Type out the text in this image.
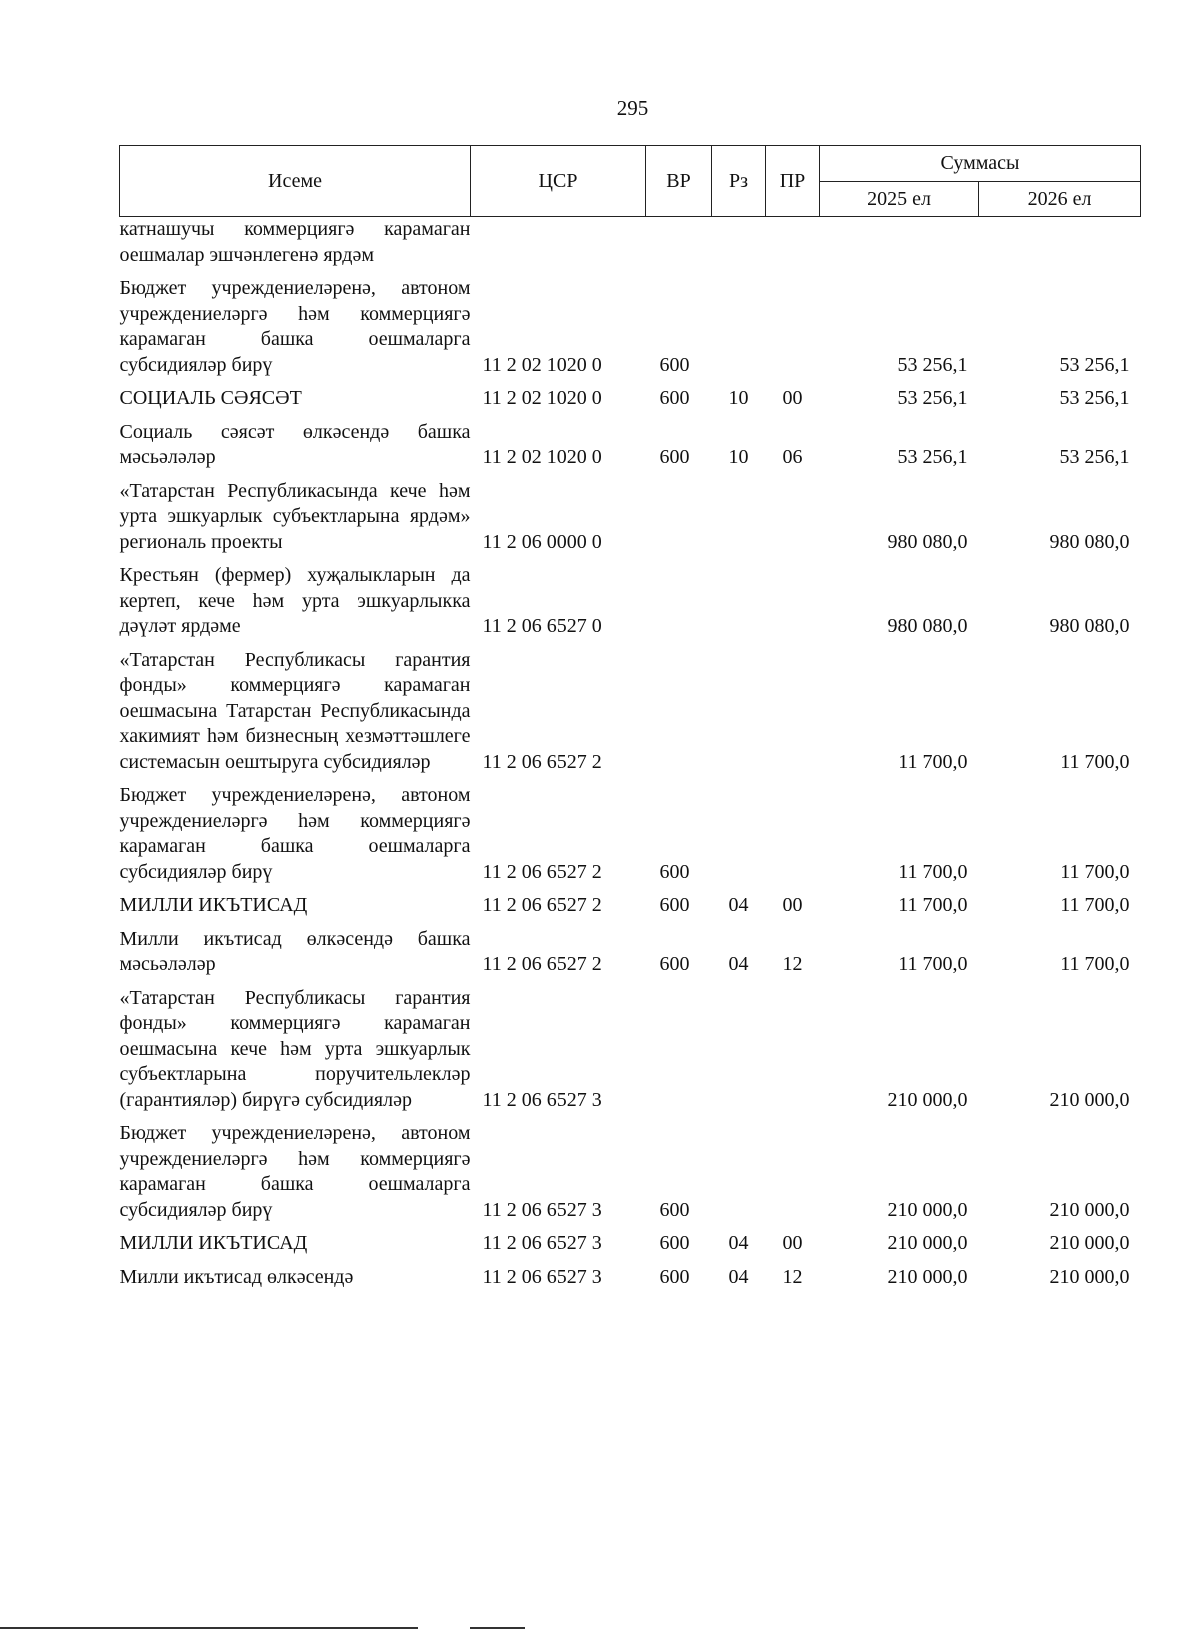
295
Исеме	ЦСР	ВР	Рз	ПР	Суммасы	
					2025 ел	2026 ел
катнашучы коммерциягә карамаган оешмалар эшчәнлегенә ярдәм						
Бюджет учреждениеләренә, автоном учреждениеләргә һәм коммерциягә карамаган башка оешмаларга субсидияләр бирү	11 2 02 1020 0	600			53 256,1	53 256,1
СОЦИАЛЬ СӘЯСӘТ	11 2 02 1020 0	600	10	00	53 256,1	53 256,1
Социаль сәясәт өлкәсендә башка мәсьәләләр	11 2 02 1020 0	600	10	06	53 256,1	53 256,1
«Татарстан Республикасында кече һәм урта эшкуарлык субъектларына ярдәм» региональ проекты	11 2 06 0000 0				980 080,0	980 080,0
Крестьян (фермер) хуҗалыкларын да кертеп, кече һәм урта эшкуарлыкка дәүләт ярдәме	11 2 06 6527 0				980 080,0	980 080,0
«Татарстан Республикасы гарантия фонды» коммерциягә карамаган оешмасына Татарстан Республикасында хакимият һәм бизнесның хезмәттәшлеге системасын оештыруга субсидияләр	11 2 06 6527 2				11 700,0	11 700,0
Бюджет учреждениеләренә, автоном учреждениеләргә һәм коммерциягә карамаган башка оешмаларга субсидияләр бирү	11 2 06 6527 2	600			11 700,0	11 700,0
МИЛЛИ ИКЪТИСАД	11 2 06 6527 2	600	04	00	11 700,0	11 700,0
Милли икътисад өлкәсендә башка мәсьәләләр	11 2 06 6527 2	600	04	12	11 700,0	11 700,0
«Татарстан Республикасы гарантия фонды» коммерциягә карамаган оешмасына кече һәм урта эшкуарлык субъектларына поручительлекләр (гарантияләр) бирүгә субсидияләр	11 2 06 6527 3				210 000,0	210 000,0
Бюджет учреждениеләренә, автоном учреждениеләргә һәм коммерциягә карамаган башка оешмаларга субсидияләр бирү	11 2 06 6527 3	600			210 000,0	210 000,0
МИЛЛИ ИКЪТИСАД	11 2 06 6527 3	600	04	00	210 000,0	210 000,0
Милли икътисад өлкәсендә	11 2 06 6527 3	600	04	12	210 000,0	210 000,0
